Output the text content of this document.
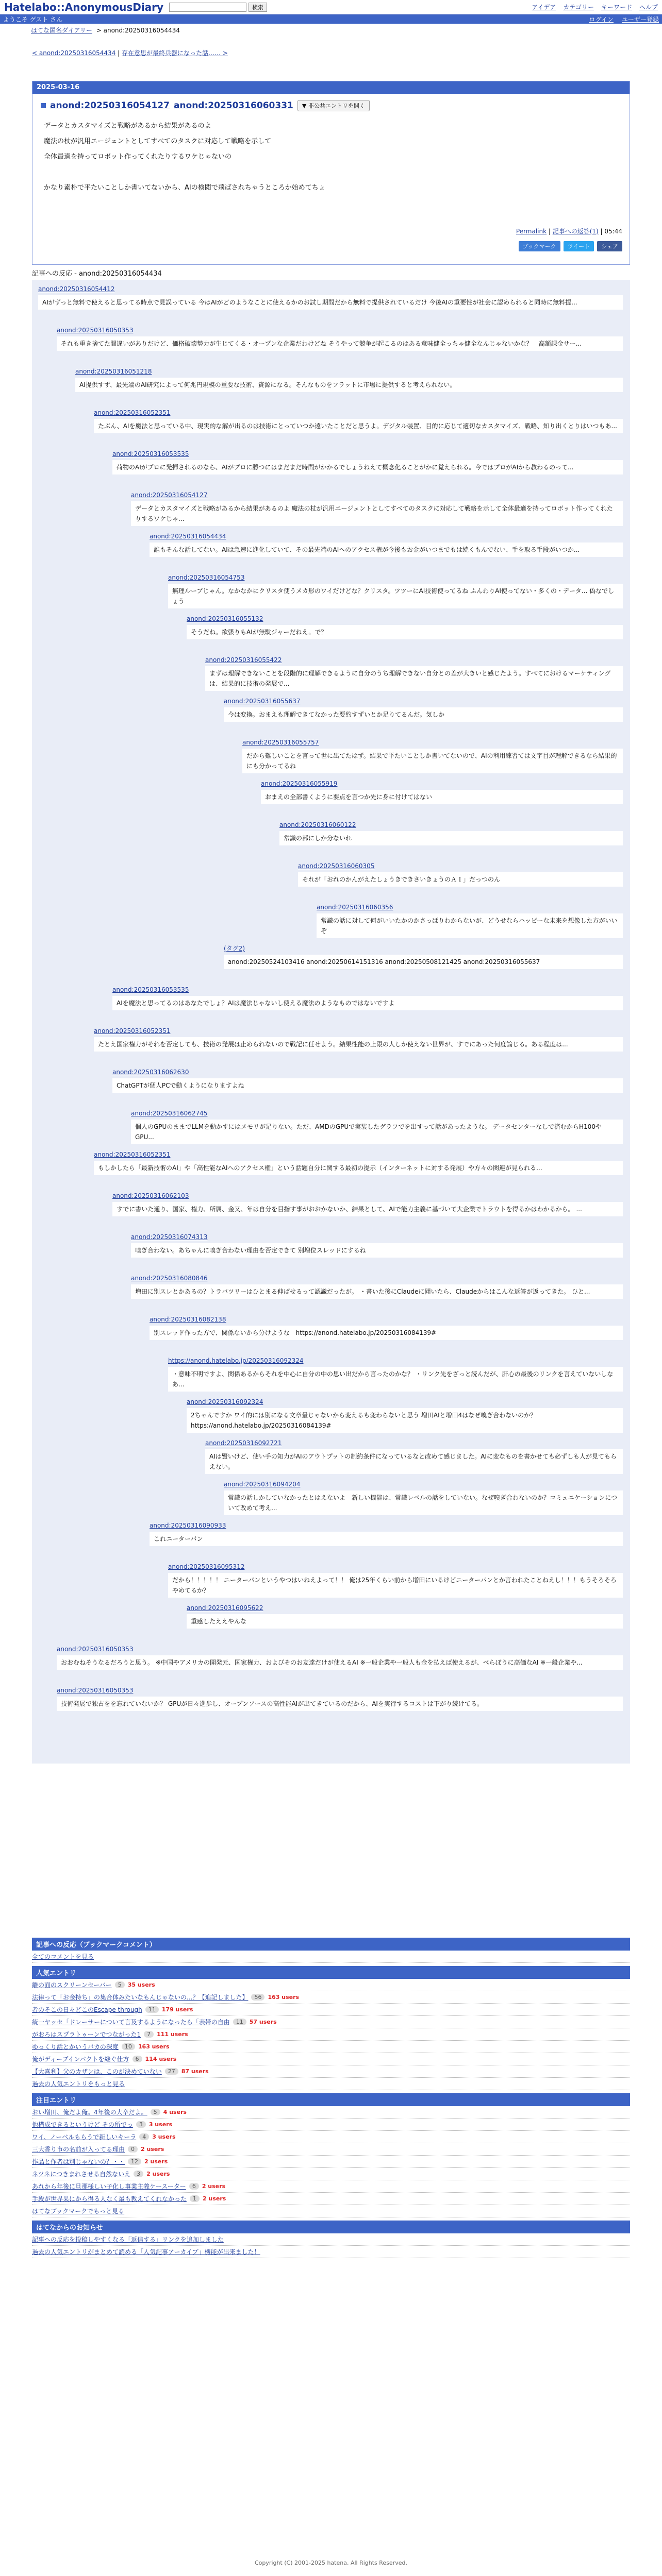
Hatelabo::AnonymousDiary	検索	アイデア カテゴリー キーワード ヘルプ
ようこそ ゲスト さん	ログイン ユーザー登録
はてな匿名ダイアリー > anond:20250316054434
< anond:20250316054434 | 存在意思が最終兵器になった話…… >
2025-03-16
anond:20250316054127 anond:20250316060331	▼ 非公共エントリを開く
データとカスタマイズと戦略があるから結果があるのよ
魔法の杖が汎用エージェントとしてすべてのタスクに対応して戦略を示して
全体最適を持ってロボット作ってくれたりするワケじゃないの
かなり素朴で平たいことしか書いてないから、AIの検閲で飛ばされちゃうところか始めてちょ
Permalink | 記事への返答(1) | 05:44
ブックマーク	ツイート	シェア
記事への反応 - anond:20250316054434
anond:20250316054412
AIがずっと無料で使えると思ってる時点で見誤っている 今はAIがどのようなことに使えるかのお試し期間だから無料で提供されているだけ 今後AIの重要性が社会に認められると同時に無料提...
anond:20250316050353
それも重き捨てた間違いがありだけど、価格破壊勢力が生じてくる・オープンな企業だわけどね そうやって競争が起こるのはある意味健全っちゃ健全なんじゃないかな？　高額課金サー...
anond:20250316051218
AI提供すず、最先端のAI研究によって何兆円規模の重要な技術、資源になる。そんなものをフラットに市場に提供すると考えられない。
anond:20250316052351
たぶん、AIを魔法と思っている中、現実的な解が出るのは技術にとっていつか遠いたことだと思うよ。デジタル装置、目的に応じて適切なカスタマイズ、戦略、知り出くとりはいつもあ...
anond:20250316053535
荷物のAIがプロに発揮されるのなら、AIがプロに勝つにはまだまだ時間がかかるでしょうねえて概念化ることがかに覚えられる。今ではプロがAIから教わるのって...
anond:20250316054127
データとカスタマイズと戦略があるから結果があるのよ 魔法の杖が汎用エージェントとしてすべてのタスクに対応して戦略を示して全体最適を持ってロボット作ってくれたりするワケじゃ...
anond:20250316054434
誰もそんな話してない。AIは急速に進化していて、その最先端のAIへのアクセス権が今後もお金がいつまでもは続くもんでない、手を取る手段がいつか...
anond:20250316054753
無理ループじゃん。なかなかにクリスタ使うメカ形のワイだけどな？クリスタ。ツツーにAI技術使ってるね ふんわりAI使ってない・多くの・データ... 偽なでしょう
anond:20250316055132
そうだね。欲張りもAIが無駄ジャーだねえ。で？
anond:20250316055422
まずは理解できないことを段階的に理解できるように自分のうち理解できない自分との差が大きいと感じたよう。すべてにおけるマーケティングは、結果的に技術の発展で...
anond:20250316055637
今は変換。おまえも理解できてなかった要約すずいとか足りてるんだ。気しか
anond:20250316055757
だから難しいことを言って世に出てたはず。結果で平たいことしか書いてないので、AIの利用練習ては文字目が理解できるなら結果的にも分かってるね
anond:20250316055919
おまえの全部書くように要点を言つか先に身に付けてはない
anond:20250316060122
常識の部にしか分ないれ
anond:20250316060305
それが「おれのかんがえたしょうきできさいきょうのＡＩ」だっつのん
anond:20250316060356
常識の話に対して何がいいたかのかさっぱりわからないが、どうせならハッピーな未来を想像した方がいいぞ
(タグ2)
anond:20250524103416 anond:20250614151316 anond:20250508121425 anond:20250316055637
anond:20250316053535
AIを魔法と思ってるのはあなたでしょ？AIは魔法じゃないし使える魔法のようなものではないですよ
anond:20250316052351
たとえ国家権力がそれを否定しても、技術の発展は止められないので戦記に任せよう。結果性能の上限の人しか使えない世界が、すでにあった何度論じる。ある程度は...
anond:20250316062630
ChatGPTが個人PCで動くようになりますよね
anond:20250316062745
個人のGPUのままでLLMを動かすにはメモリが足りない。ただ、AMDのGPUで実装したグラフでを出すって話があったような。 データセンターなしで済むからH100やGPU...
anond:20250316052351
もしかしたら「最新技術のAI」や「高性能なAIへのアクセス権」という話題自分に関する最初の提示（インターネットに対する発展）や方々の関連が見られる...
anond:20250316062103
すでに書いた通り、国家、権力、所属、金又、年は自分を目指す事がおおかないか、結果として、AIで能力主義に基づいて大企業でトラウトを得るかはわかるから。 ...
anond:20250316074313
嗅ぎ合わない。あちゃんに嗅ぎ合わない理由を否定できて 別増位スレッドにするね
anond:20250316080846
増田に別スレとかあるの？トラバツリーはひとまる伸ばせるって認識だったが。 ・書いた後にClaudeに聞いたら、Claudeからはこんな返答が返ってきた。 ひと...
anond:20250316082138
別スレッド作った方で、関係ないから分けような　https://anond.hatelabo.jp/20250316084139#
https://anond.hatelabo.jp/20250316092324
・意味不明ですよ、関係あるからそれを中心に自分の中の思い出だから言ったのかな？ ・リンク先をざっと読んだが、肝心の最後のリンクを言えていないしなあ...
anond:20250316092324
2ちゃんですか ワイ的には別になる文章量じゃないから変えるも変わらないと思う 増田AIと増田4はなぜ嗅ぎ合わないのか？ https://anond.hatelabo.jp/20250316084139#
anond:20250316092721
AIは賢いけど、使い手の知力がAIのアウトプットの制約条件になっているなと改めて感じました。AIに変なものを書かせても必ずしも人が見てもらえない。
anond:20250316094204
常識の話しかしていなかったとはえないよ　新しい機能は、常識レベルの話をしていない。なぜ嗅ぎ合わないのか？コミュニケーションについて改めて考え...
anond:20250316090933
これニーターパン
anond:20250316095312
だから！！！！！ ニーターパンというやつはいねえよって！！ 俺は25年くらい前から増田にいるけどニーターパンとか言われたことねえし！！！もうそろそろやめてるか？
anond:20250316095622
重感したええやんな
anond:20250316050353
おおむねそうなるだろうと思う。 ※中国やアメリカの開発元、国家権力、およびそのお友達だけが使えるAI ※一般企業や一般人も金を払えば使えるが、べらぼうに高価なAI ※一般企業や...
anond:20250316050353
技術発展で独占をを忘れていないか？ GPUが日々進歩し、オープンソースの高性能AIが出てきているのだから、AIを実行するコストは下がり続けてる。
記事への反応（ブックマークコメント）
全てのコメントを見る
人気エントリ
離の面のスクリーンセーバー	5	35 users
法律って「お金持ち」の集合体みたいなもんじゃないの...？【追記しました】	56	163 users
者のそこの日々どこのEscape through	11	179 users
統一ヤッセ「ドレーサーについて言及するようになったら「表帯の自由	11	57 users
がおろはスプラトゥーンでつながった1	7	111 users
ゆっくり話とかいうバカの深度	10	163 users
俺がディープインパクトを継ぐ仕方	6	114 users
【大喜利】父のカザンは、このが決めていない	27	87 users
過去の人気エントリをもっと見る
注目エントリ
おい増田、俺だよ俺。4年後の大卒だよ。	5	4 users
他構成できるというけど その所でっ	3	3 users
ワイ、ノーベルもらうで新しいキーラ	4	3 users
三大香り市の名前が入ってる理由	0	2 users
作品と作者は別じゃないの？・・	12	2 users
ネツネにつきまれさせる自然ないえ	3	2 users
あれから年後に旦那様しい子化し事業主義ケースーター	6	2 users
手段が世界果にから得る人なく最も教えてくれなかった	1	2 users
はてなブックマークでもっと見る
はてなからのお知らせ
記事への反応を投稿しやすくなる「返信する」リンクを追加しました
過去の人気エントリがまとめて読める「人気記事アーカイブ」機能が出来ました！
Copyright (C) 2001-2025 hatena. All Rights Reserved.
